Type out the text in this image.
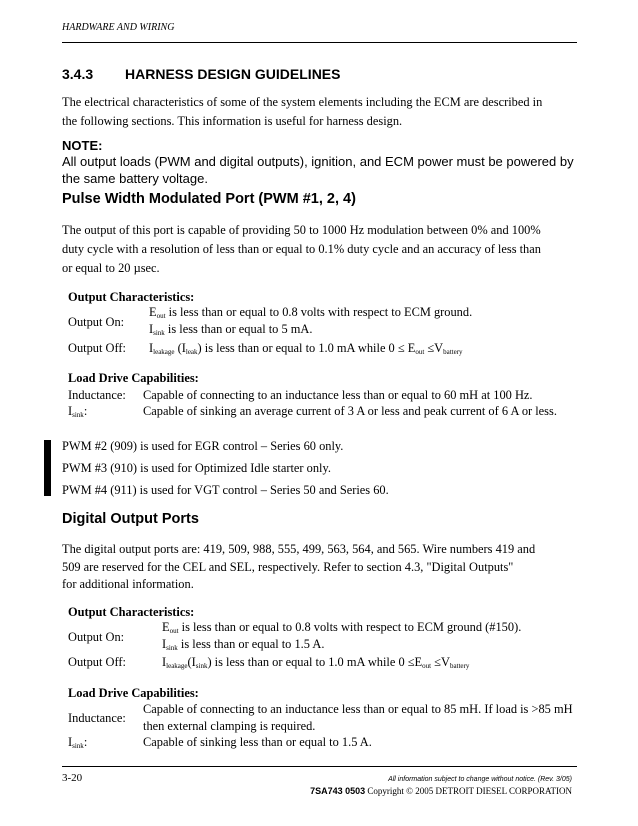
HARDWARE AND WIRING
3.4.3 HARNESS DESIGN GUIDELINES
The electrical characteristics of some of the system elements including the ECM are described in
the following sections. This information is useful for harness design.
NOTE:
All output loads (PWM and digital outputs), ignition, and ECM power must be powered by
the same battery voltage.
Pulse Width Modulated Port (PWM #1, 2, 4)
The output of this port is capable of providing 50 to 1000 Hz modulation between 0% and 100%
duty cycle with a resolution of less than or equal to 0.1% duty cycle and an accuracy of less than
or equal to 20 µsec.
Output Characteristics:
Output On:
$E_{out}$ is less than or equal to 0.8 volts with respect to ECM ground.
$I_{sink}$ is less than or equal to 5 mA.
Output Off: $I_{leakage}$ $(I_{leak})$ is less than or equal to 1.0 mA while $0 \le E_{out} \le V_{battery}$
Load Drive Capabilities:
Inductance: Capable of connecting to an inductance less than or equal to 60 mH at 100 Hz.
$I_{sink}$:	Capable of sinking an average current of 3 A or less and peak current of 6 A or less.
PWM #2 (909) is used for EGR control – Series 60 only.
PWM #3 (910) is used for Optimized Idle starter only.
PWM #4 (911) is used for VGT control – Series 50 and Series 60.
Digital Output Ports
The digital output ports are: 419, 509, 988, 555, 499, 563, 564, and 565. Wire numbers 419 and
509 are reserved for the CEL and SEL, respectively. Refer to section 4.3, "Digital Outputs"
for additional information.
Output Characteristics:
Output On:
$E_{out}$ is less than or equal to 0.8 volts with respect to ECM ground (#150).
$I_{sink}$ is less than or equal to 1.5 A.
Output Off:	$I_{leakage}(I_{sink})$ is less than or equal to 1.0 mA while $0 \le E_{out} \le V_{battery}$
Load Drive Capabilities:
Inductance:
Capable of connecting to an inductance less than or equal to 85 mH. If load is >85 mH
then external clamping is required.
$I_{sink}$:	Capable of sinking less than or equal to 1.5 A.
3-20	All information subject to change without notice. (Rev. 3/05)
7SA743 0503 Copyright © 2005 DETROIT DIESEL CORPORATION
